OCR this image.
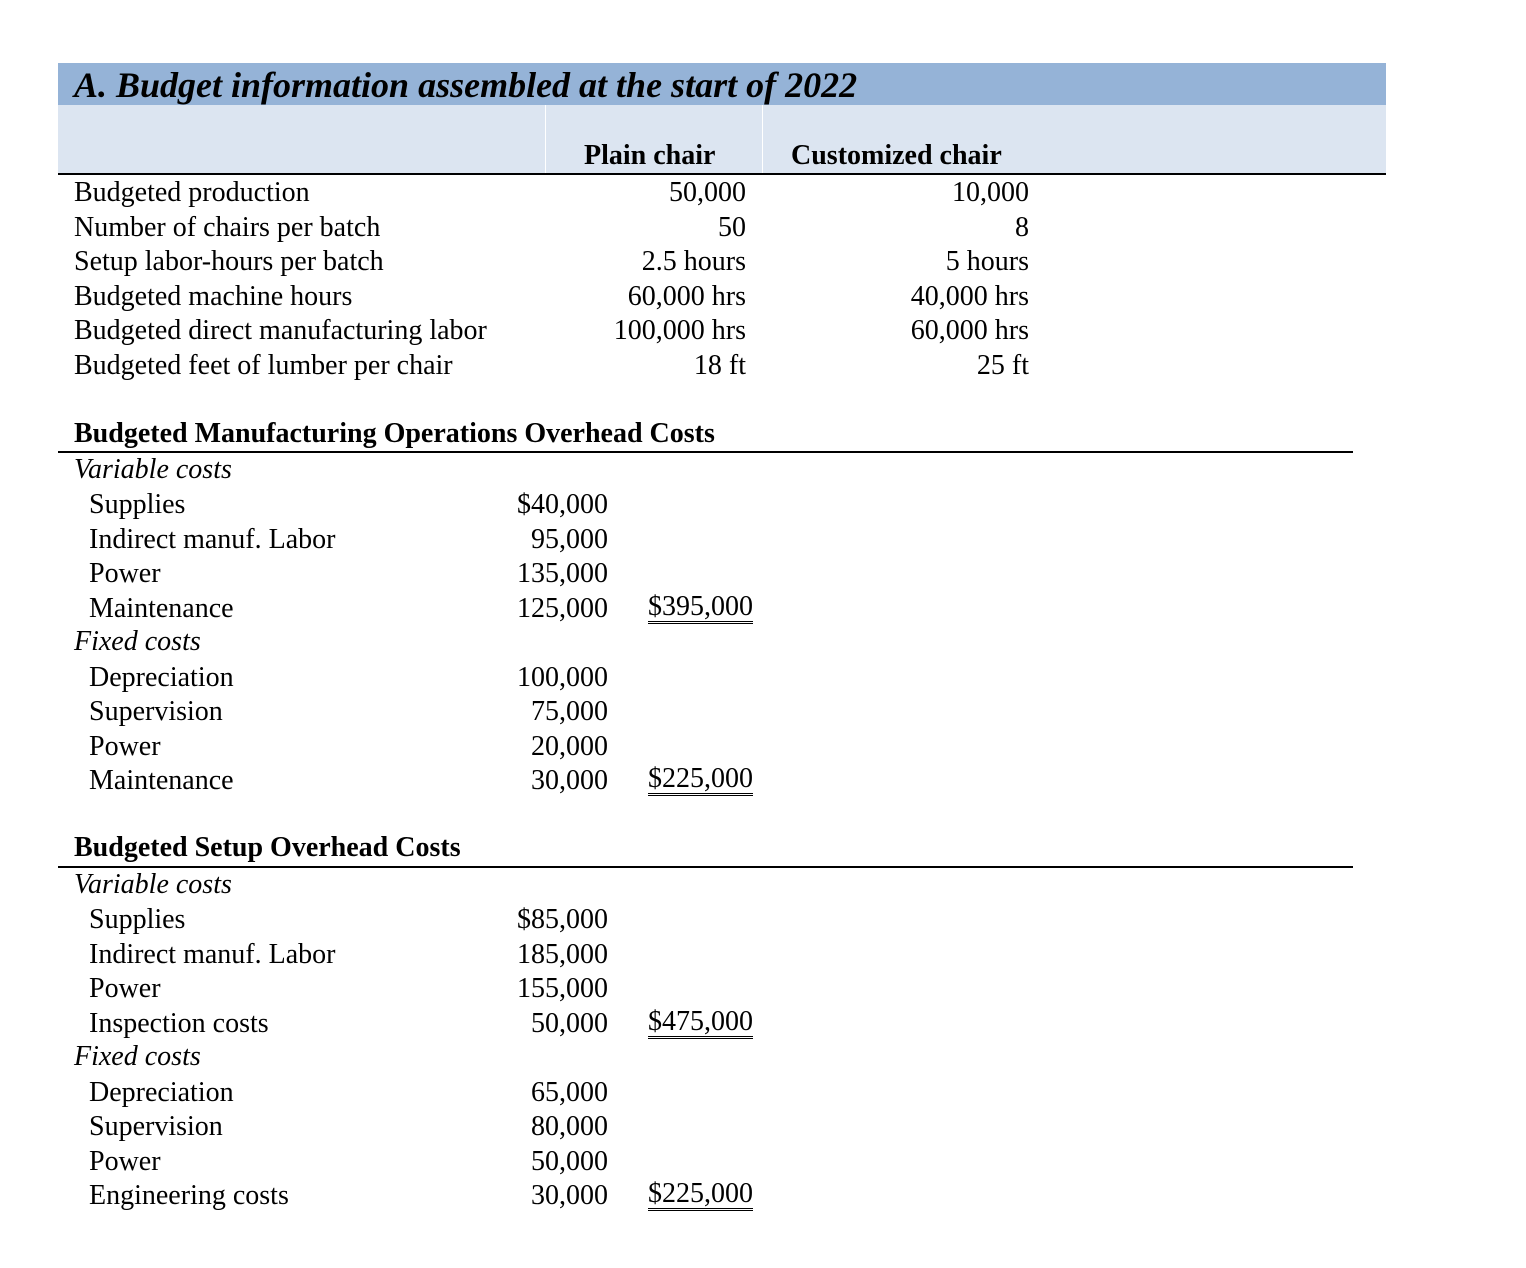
A. Budget information assembled at the start of 2022
Plain chair	Customized chair
Budgeted production	50,000	10,000
Number of chairs per batch	50	8
Setup labor-hours per batch	2.5 hours	5 hours
Budgeted machine hours	60,000 hrs	40,000 hrs
Budgeted direct manufacturing labor	100,000 hrs	60,000 hrs
Budgeted feet of lumber per chair	18 ft	25 ft
Budgeted Manufacturing Operations Overhead Costs
Variable costs
Supplies	$40,000
Indirect manuf. Labor	95,000
Power	135,000
Maintenance	125,000 $395,000
Fixed costs
Depreciation	100,000
Supervision	75,000
Power	20,000
Maintenance	30,000 $225,000
Budgeted Setup Overhead Costs
Variable costs
Supplies	$85,000
Indirect manuf. Labor	185,000
Power	155,000
Inspection costs	50,000 $475,000
Fixed costs
Depreciation	65,000
Supervision	80,000
Power	50,000
Engineering costs	30,000 $225,000
